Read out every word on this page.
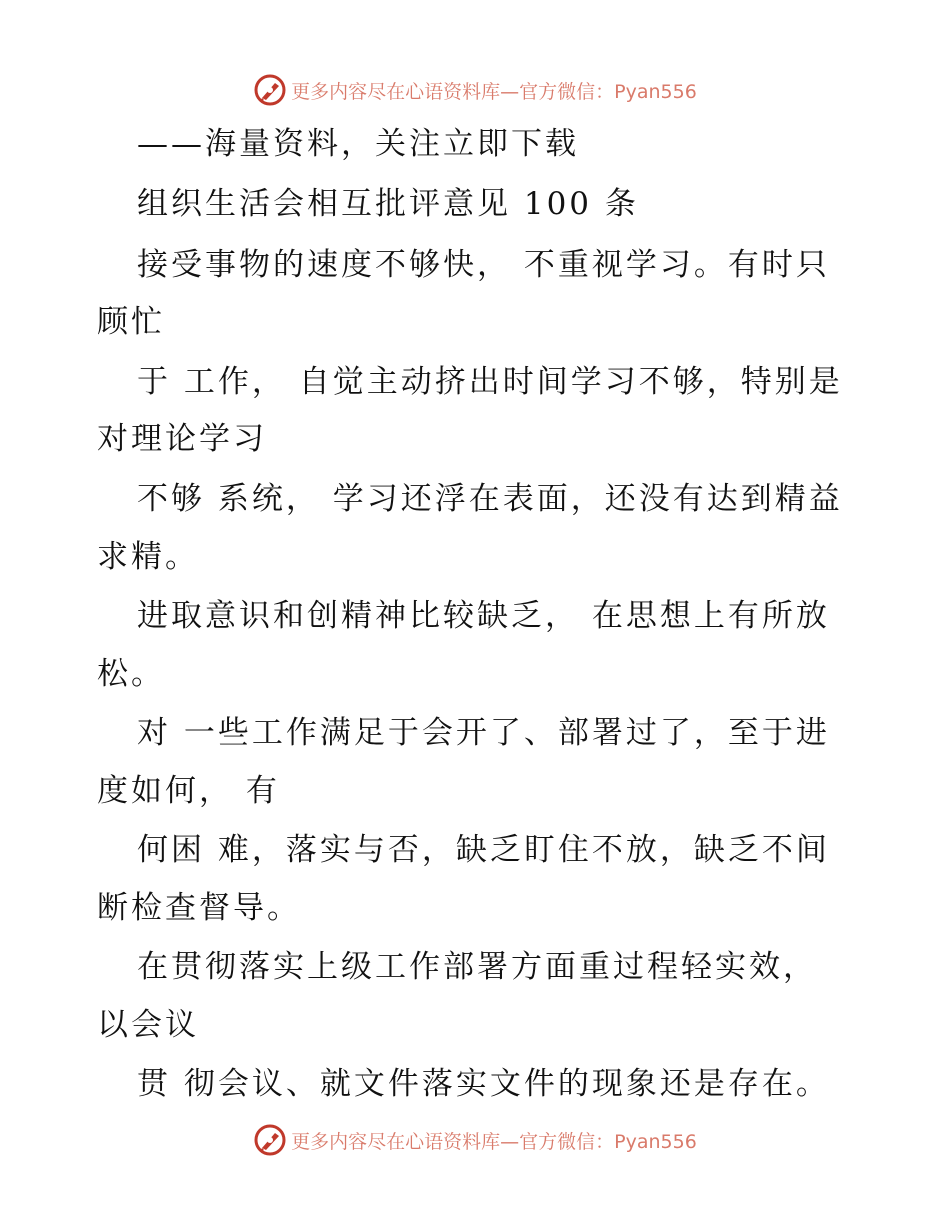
更多内容尽在心语资料库—官方微信：Pyan556
——海量资料，关注立即下载
组织生活会相互批评意见 100 条
接受事物的速度不够快， 不重视学习。有时只
顾忙
于 工作， 自觉主动挤出时间学习不够，特别是
对理论学习
不够 系统， 学习还浮在表面，还没有达到精益
求精。
进取意识和创精神比较缺乏， 在思想上有所放
松。
对 一些工作满足于会开了、部署过了，至于进
度如何， 有
何困 难，落实与否，缺乏盯住不放，缺乏不间
断检查督导。
在贯彻落实上级工作部署方面重过程轻实效，
以会议
贯 彻会议、就文件落实文件的现象还是存在。
更多内容尽在心语资料库—官方微信：Pyan556
